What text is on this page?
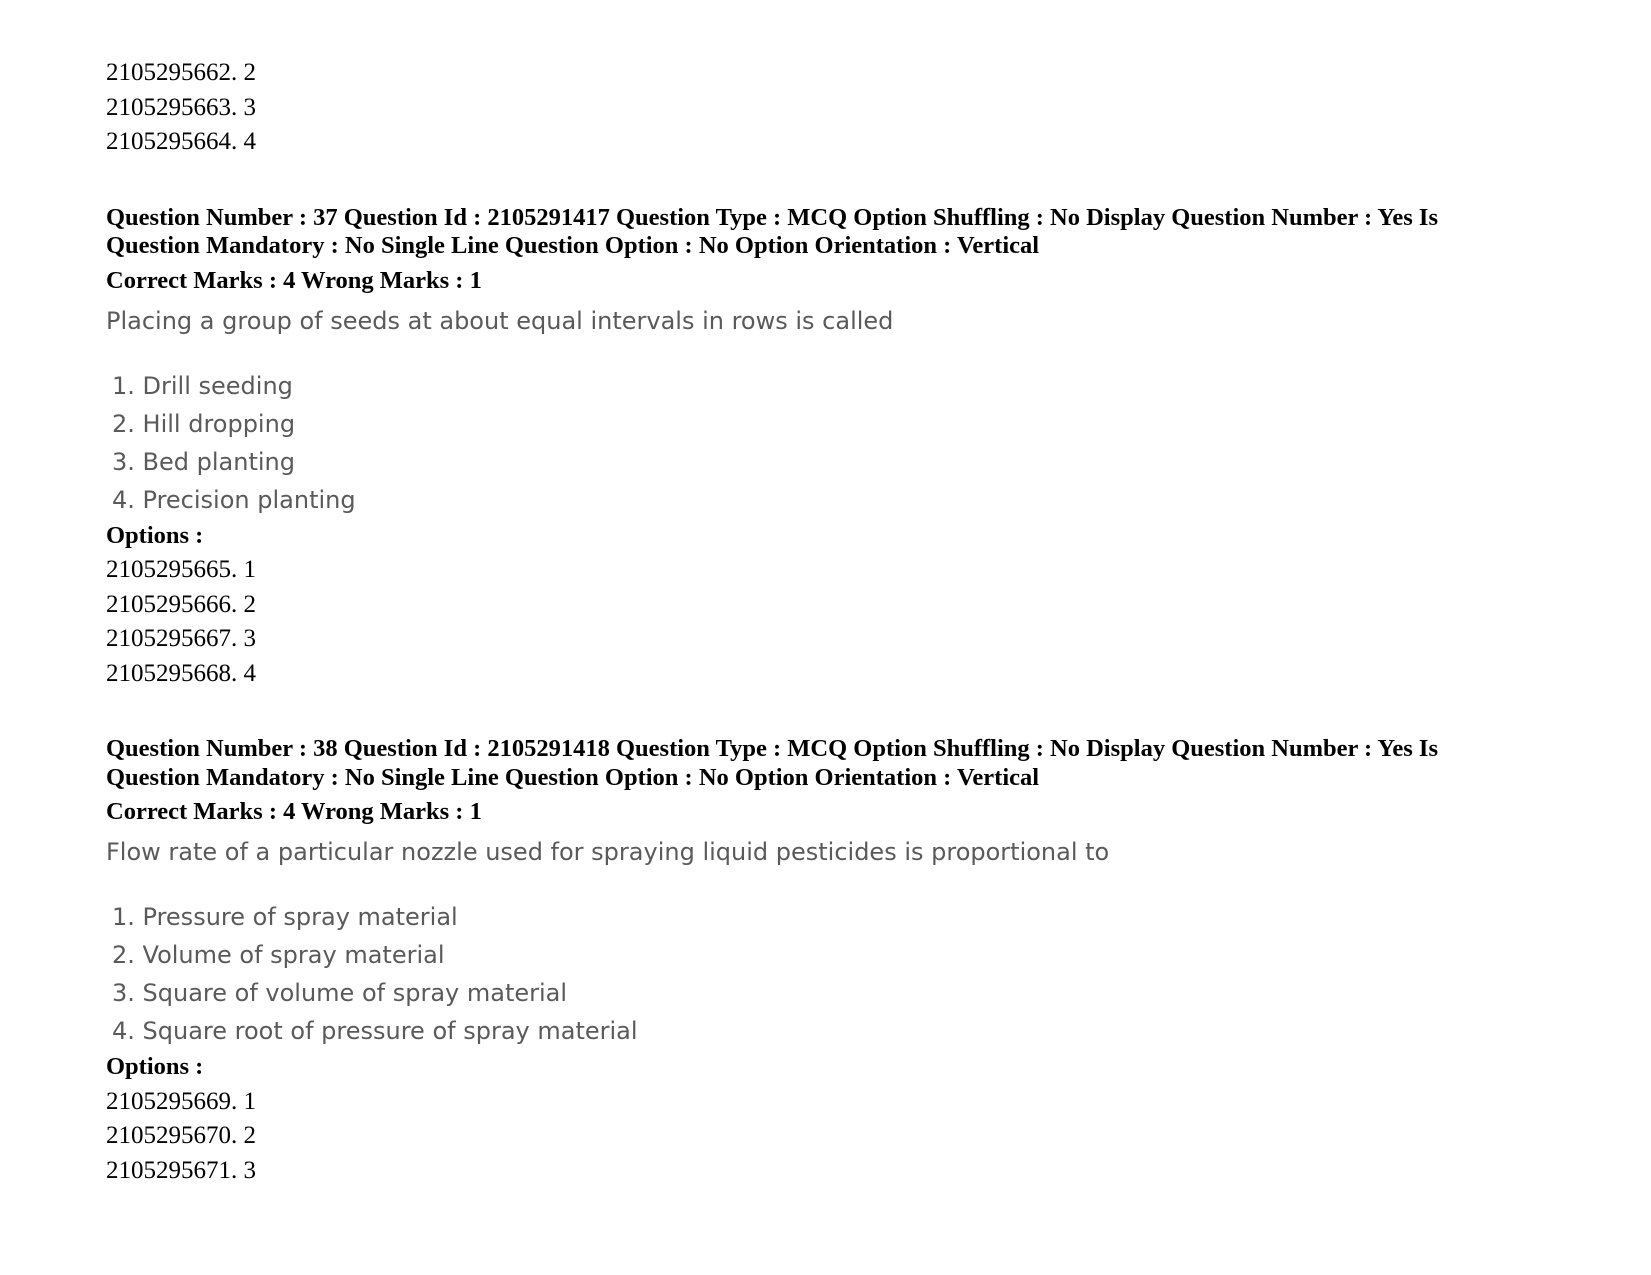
2105295662. 2
2105295663. 3
2105295664. 4
Question Number : 37 Question Id : 2105291417 Question Type : MCQ Option Shuffling : No Display Question Number : Yes Is
Question Mandatory : No Single Line Question Option : No Option Orientation : Vertical
Correct Marks : 4 Wrong Marks : 1
Placing a group of seeds at about equal intervals in rows is called
1. Drill seeding
2. Hill dropping
3. Bed planting
4. Precision planting
Options :
2105295665. 1
2105295666. 2
2105295667. 3
2105295668. 4
Question Number : 38 Question Id : 2105291418 Question Type : MCQ Option Shuffling : No Display Question Number : Yes Is
Question Mandatory : No Single Line Question Option : No Option Orientation : Vertical
Correct Marks : 4 Wrong Marks : 1
Flow rate of a particular nozzle used for spraying liquid pesticides is proportional to
1. Pressure of spray material
2. Volume of spray material
3. Square of volume of spray material
4. Square root of pressure of spray material
Options :
2105295669. 1
2105295670. 2
2105295671. 3
